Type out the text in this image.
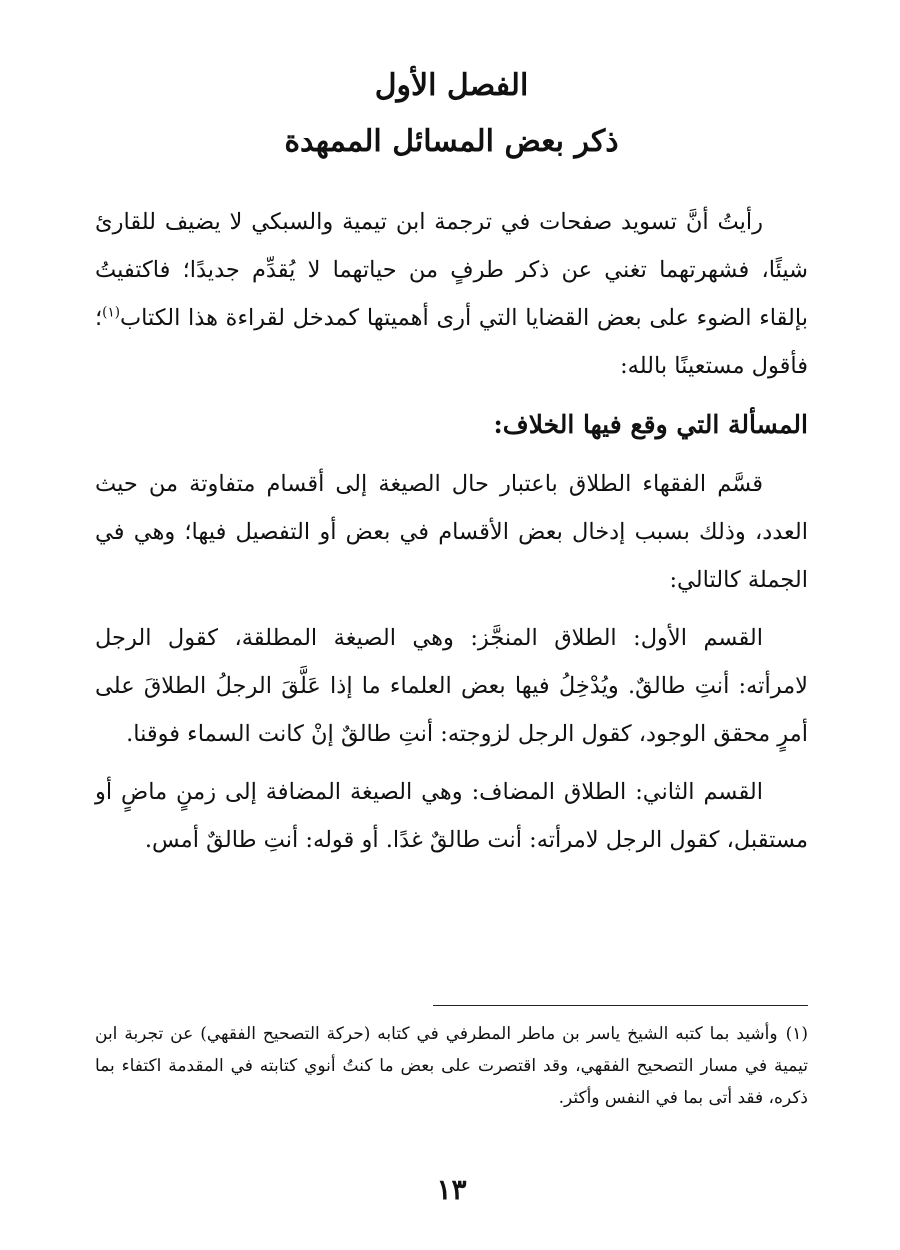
الفصل الأول
ذكر بعض المسائل الممهدة

رأيتُ أنَّ تسويد صفحات في ترجمة ابن تيمية والسبكي لا يضيف للقارئ شيئًا، فشهرتهما تغني عن ذكر طرفٍ من حياتهما لا يُقدِّم جديدًا؛ فاكتفيتُ بإلقاء الضوء على بعض القضايا التي أرى أهميتها كمدخل لقراءة هذا الكتاب$^{(١)}$؛ فأقول مستعينًا بالله:

المسألة التي وقع فيها الخلاف:

قسَّم الفقهاء الطلاق باعتبار حال الصيغة إلى أقسام متفاوتة من حيث العدد، وذلك بسبب إدخال بعض الأقسام في بعض أو التفصيل فيها؛ وهي في الجملة كالتالي:

القسم الأول: الطلاق المنجَّز: وهي الصيغة المطلقة، كقول الرجل لامرأته: أنتِ طالقٌ. ويُدْخِلُ فيها بعض العلماء ما إذا عَلَّقَ الرجلُ الطلاقَ على أمرٍ محقق الوجود، كقول الرجل لزوجته: أنتِ طالقٌ إنْ كانت السماء فوقنا.

القسم الثاني: الطلاق المضاف: وهي الصيغة المضافة إلى زمنٍ ماضٍ أو مستقبل، كقول الرجل لامرأته: أنت طالقٌ غدًا. أو قوله: أنتِ طالقٌ أمس.

(١)وأشيد بما كتبه الشيخ ياسر بن ماطر المطرفي في كتابه (حركة التصحيح الفقهي) عن تجربة ابن تيمية في مسار التصحيح الفقهي، وقد اقتصرت على بعض ما كنتُ أنوي كتابته في المقدمة اكتفاء بما ذكره، فقد أتى بما في النفس وأكثر.

١٣
